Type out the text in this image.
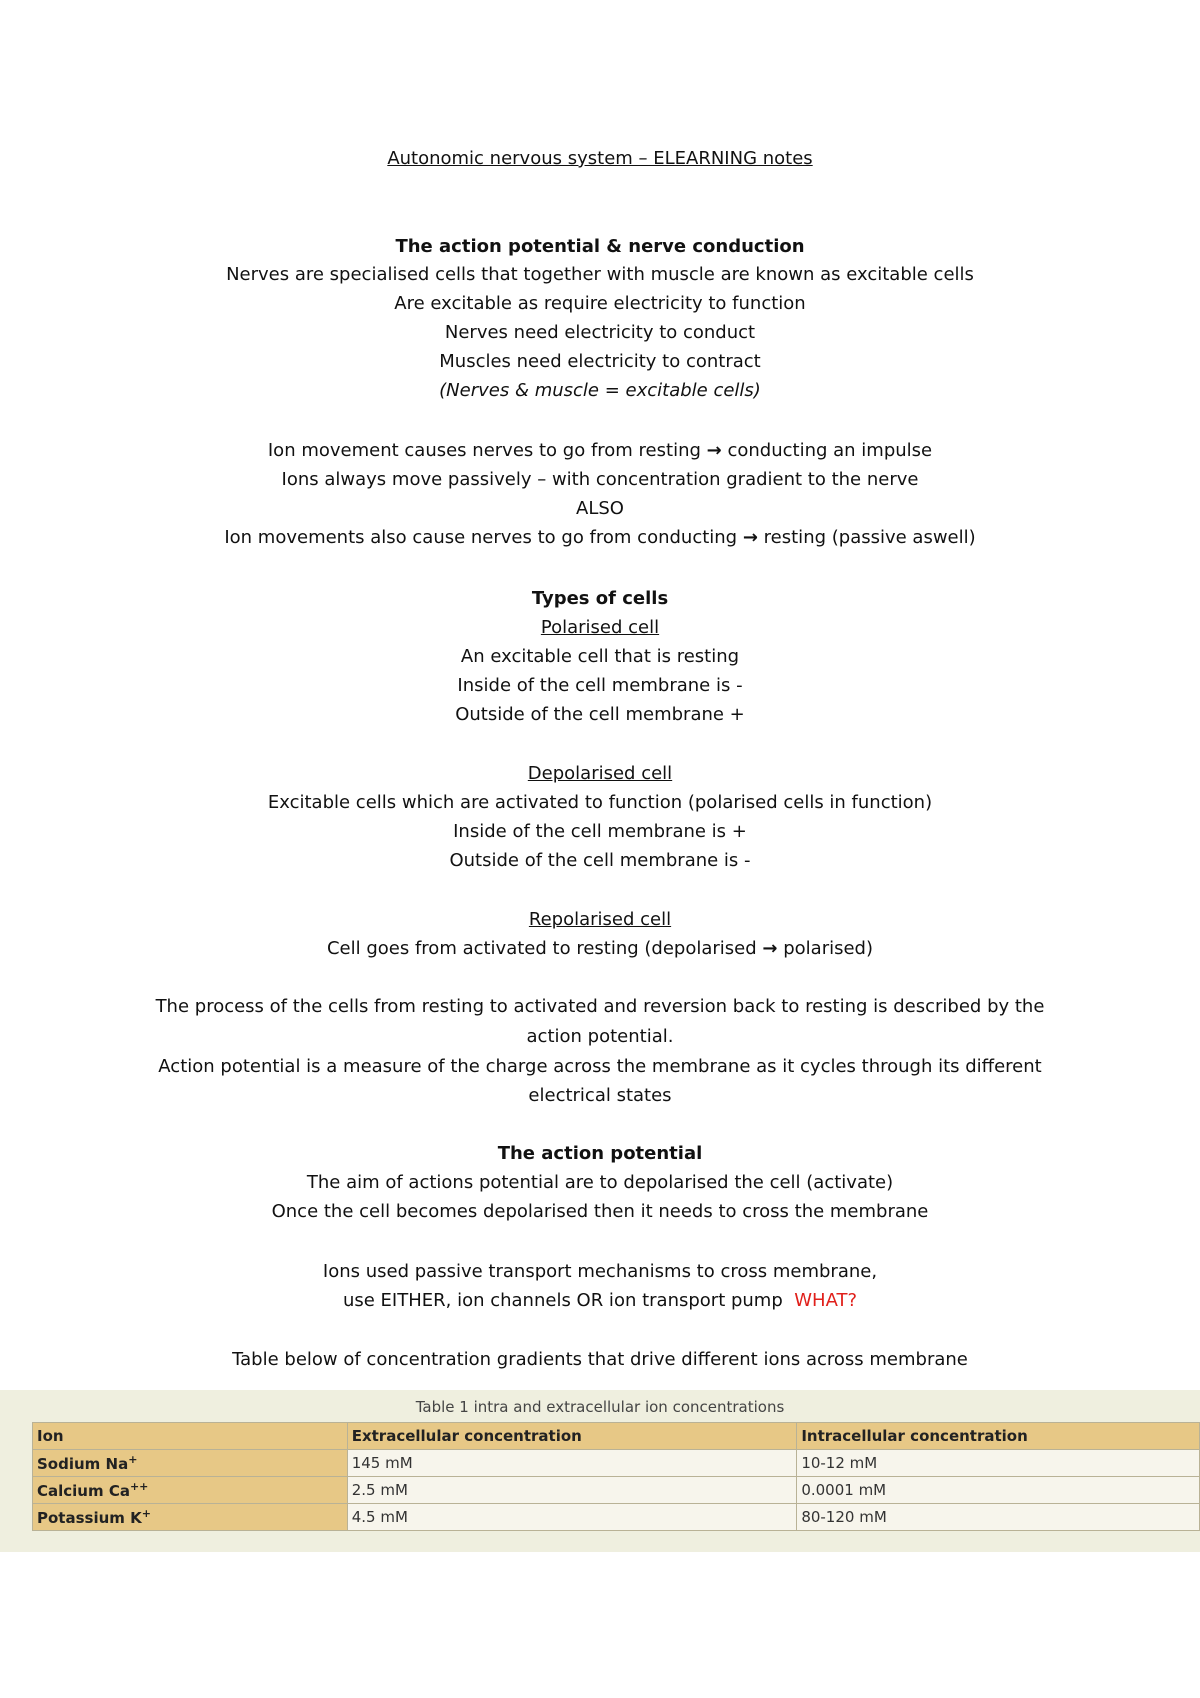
Autonomic nervous system – ELEARNING notes
The action potential & nerve conduction
Nerves are specialised cells that together with muscle are known as excitable cells
Are excitable as require electricity to function
Nerves need electricity to conduct
Muscles need electricity to contract
(Nerves & muscle = excitable cells)
Ion movement causes nerves to go from resting → conducting an impulse
Ions always move passively – with concentration gradient to the nerve
ALSO
Ion movements also cause nerves to go from conducting → resting (passive aswell)
Types of cells
Polarised cell
An excitable cell that is resting
Inside of the cell membrane is -
Outside of the cell membrane +
Depolarised cell
Excitable cells which are activated to function (polarised cells in function)
Inside of the cell membrane is +
Outside of the cell membrane is -
Repolarised cell
Cell goes from activated to resting (depolarised → polarised)
The process of the cells from resting to activated and reversion back to resting is described by the
action potential.
Action potential is a measure of the charge across the membrane as it cycles through its different
electrical states
The action potential
The aim of actions potential are to depolarised the cell (activate)
Once the cell becomes depolarised then it needs to cross the membrane
Ions used passive transport mechanisms to cross membrane,
use EITHER, ion channels OR ion transport pump WHAT?
Table below of concentration gradients that drive different ions across membrane
Table 1 intra and extracellular ion concentrations
Ion	Extracellular concentration	Intracellular concentration
Sodium Na+	145 mM	10-12 mM
Calcium Ca++	2.5 mM	0.0001 mM
Potassium K+	4.5 mM	80-120 mM
